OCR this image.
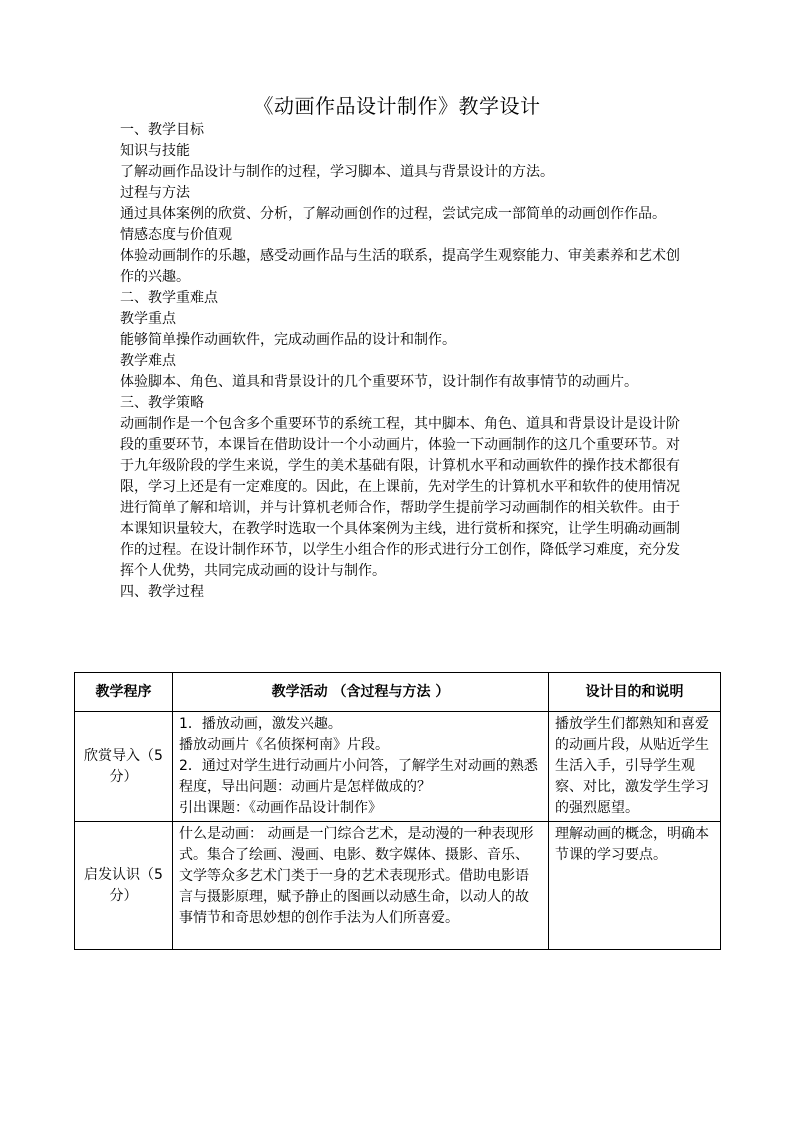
《动画作品设计制作》教学设计

一、教学目标

知识与技能

了解动画作品设计与制作的过程，学习脚本、道具与背景设计的方法。

过程与方法

通过具体案例的欣赏、分析，了解动画创作的过程，尝试完成一部简单的动画创作作品。

情感态度与价值观

体验动画制作的乐趣，感受动画作品与生活的联系，提高学生观察能力、审美素养和艺术创作的兴趣。

二、教学重难点

教学重点

能够简单操作动画软件，完成动画作品的设计和制作。

教学难点

体验脚本、角色、道具和背景设计的几个重要环节，设计制作有故事情节的动画片。

三、教学策略

动画制作是一个包含多个重要环节的系统工程，其中脚本、角色、道具和背景设计是设计阶段的重要环节，本课旨在借助设计一个小动画片，体验一下动画制作的这几个重要环节。对于九年级阶段的学生来说，学生的美术基础有限，计算机水平和动画软件的操作技术都很有限，学习上还是有一定难度的。因此，在上课前，先对学生的计算机水平和软件的使用情况进行简单了解和培训，并与计算机老师合作，帮助学生提前学习动画制作的相关软件。由于本课知识量较大，在教学时选取一个具体案例为主线，进行赏析和探究，让学生明确动画制作的过程。在设计制作环节，以学生小组合作的形式进行分工创作，降低学习难度，充分发挥个人优势，共同完成动画的设计与制作。

四、教学过程

教学程序	教学活动 （含过程与方法 ）	设计目的和说明
欣赏导入（5分）	1．播放动画，激发兴趣。

播放动画片《名侦探柯南》片段。

2．通过对学生进行动画片小问答，了解学生对动画的熟悉程度，导出问题：动画片是怎样做成的？

引出课题：《动画作品设计制作》	播放学生们都熟知和喜爱的动画片段，从贴近学生生活入手，引导学生观察、对比，激发学生学习的强烈愿望。
启发认识（5分）	什么是动画： 动画是一门综合艺术，是动漫的一种表现形式。集合了绘画、漫画、电影、数字媒体、摄影、音乐、文学等众多艺术门类于一身的艺术表现形式。借助电影语言与摄影原理，赋予静止的图画以动感生命，以动人的故事情节和奇思妙想的创作手法为人们所喜爱。	理解动画的概念，明确本节课的学习要点。
